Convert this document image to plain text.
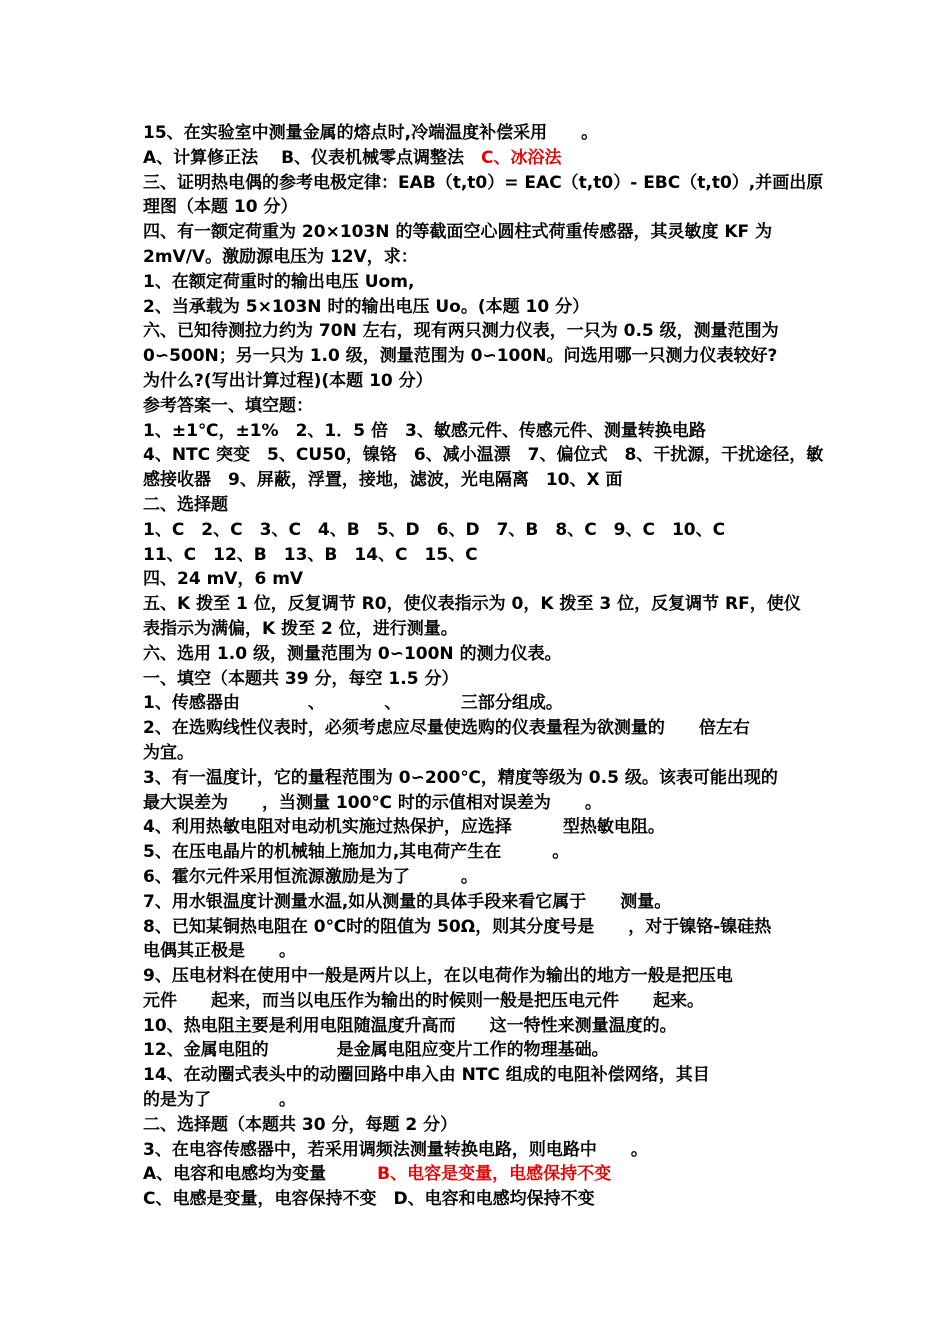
15、在实验室中测量金属的熔点时,冷端温度补偿采用　　。
A、计算修正法　 B、仪表机械零点调整法　C、冰浴法
三、证明热电偶的参考电极定律：EAB（t,t0）= EAC（t,t0）- EBC（t,t0）,并画出原
理图（本题 10 分）
四、有一额定荷重为 20×103N 的等截面空心圆柱式荷重传感器，其灵敏度 KF 为
2mV/V。激励源电压为 12V，求：
1、在额定荷重时的输出电压 Uom,
2、当承载为 5×103N 时的输出电压 Uo。(本题 10 分）
六、已知待测拉力约为 70N 左右，现有两只测力仪表，一只为 0.5 级，测量范围为
0∽500N；另一只为 1.0 级，测量范围为 0∽100N。问选用哪一只测力仪表较好?
为什么?(写出计算过程)(本题 10 分）
参考答案一、填空题：
1、±1℃，±1%　2、1．5 倍　3、敏感元件、传感元件、测量转换电路
4、NTC 突变　5、CU50，镍铬　6、减小温漂　7、偏位式　8、干扰源，干扰途径，敏
感接收器　9、屏蔽，浮置，接地，滤波，光电隔离　10、X 面
二、选择题
1、C　2、C　3、C　4、B　5、D　6、D　7、B　8、C　9、C　10、C
11、C　12、B　13、B　14、C　15、C
四、24 mV，6 mV
五、K 拨至 1 位，反复调节 R0，使仪表指示为 0，K 拨至 3 位，反复调节 RF，使仪
表指示为满偏，K 拨至 2 位，进行测量。
六、选用 1.0 级，测量范围为 0∽100N 的测力仪表。
一、填空（本题共 39 分，每空 1.5 分）
1、传感器由　　　　、　　　　、　　　　三部分组成。
2、在选购线性仪表时，必须考虑应尽量使选购的仪表量程为欲测量的　　倍左右
为宜。
3、有一温度计，它的量程范围为 0∽200℃，精度等级为 0.5 级。该表可能出现的
最大误差为　　，当测量 100℃ 时的示值相对误差为　　。
4、利用热敏电阻对电动机实施过热保护，应选择　　　型热敏电阻。
5、在压电晶片的机械轴上施加力,其电荷产生在　　　。
6、霍尔元件采用恒流源激励是为了　　　。
7、用水银温度计测量水温,如从测量的具体手段来看它属于　　测量。
8、已知某铜热电阻在 0℃时的阻值为 50Ω，则其分度号是　　，对于镍铬-镍硅热
电偶其正极是　　。
9、压电材料在使用中一般是两片以上，在以电荷作为输出的地方一般是把压电
元件　　起来，而当以电压作为输出的时候则一般是把压电元件　　起来。
10、热电阻主要是利用电阻随温度升高而　　这一特性来测量温度的。
12、金属电阻的　　　　是金属电阻应变片工作的物理基础。
14、在动圈式表头中的动圈回路中串入由 NTC 组成的电阻补偿网络，其目
的是为了　　　　。
二、选择题（本题共 30 分，每题 2 分）
3、在电容传感器中，若采用调频法测量转换电路，则电路中　　。
A、电容和电感均为变量　　　B、电容是变量，电感保持不变
C、电感是变量，电容保持不变　D、电容和电感均保持不变
